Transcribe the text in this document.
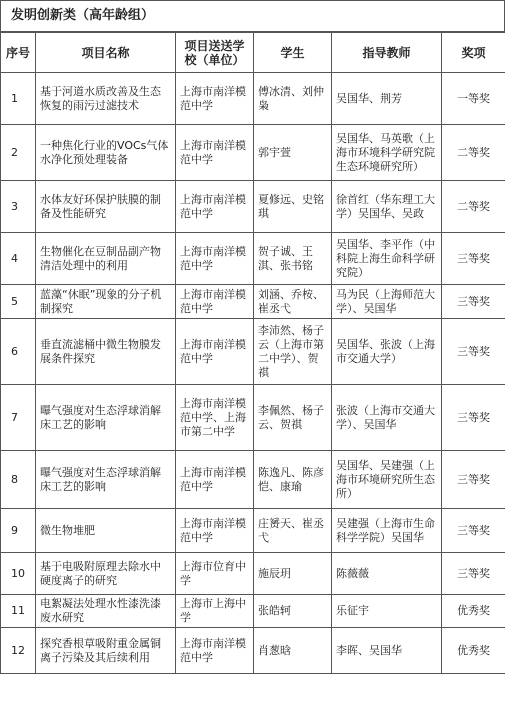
发明创新类（高年龄组）
序号	项目名称	项目送送学校（单位）	学生	指导教师	奖项
1	基于河道水质改善及生态恢复的雨污过滤技术	上海市南洋模范中学	傅冰清、刘仲枭	吴国华、荆芳	一等奖
2	一种焦化行业的VOCs气体水净化预处理装备	上海市南洋模范中学	郭宇萱	吴国华、马英歌（上海市环境科学研究院生态环境研究所）	二等奖
3	水体友好环保护肤膜的制备及性能研究	上海市南洋模范中学	夏修远、史铭琪	徐首红（华东理工大学）吴国华、吴政	二等奖
4	生物催化在豆制品副产物清洁处理中的利用	上海市南洋模范中学	贺子诚、王淇、张书铭	吴国华、李平作（中科院上海生命科学研究院）	三等奖
5	蓝藻“休眠”现象的分子机制探究	上海市南洋模范中学	刘涵、乔桉、崔丞弋	马为民（上海师范大学）、吴国华	三等奖
6	垂直流滤桶中微生物膜发展条件探究	上海市南洋模范中学	李沛然、杨子云（上海市第二中学）、贺祺	吴国华、张波（上海市交通大学）	三等奖
7	曝气强度对生态浮球消解床工艺的影响	上海市南洋模范中学、上海市第二中学	李佩然、杨子云、贺祺	张波（上海市交通大学）、吴国华	三等奖
8	曝气强度对生态浮球消解床工艺的影响	上海市南洋模范中学	陈逸凡、陈彦恺、康瑜	吴国华、吴建强（上海市环境研究所生态所）	三等奖
9	微生物堆肥	上海市南洋模范中学	庄赟天、崔丞弋	吴建强（上海市生命科学学院）吴国华	三等奖
10	基于电吸附原理去除水中硬度离子的研究	上海市位育中学	施辰玥	陈薇薇	三等奖
11	电絮凝法处理水性漆洗漆废水研究	上海市上海中学	张皓轲	乐征宇	优秀奖
12	探究香根草吸附重金属铜离子污染及其后续利用	上海市南洋模范中学	肖葱晗	李晖、吴国华	优秀奖
